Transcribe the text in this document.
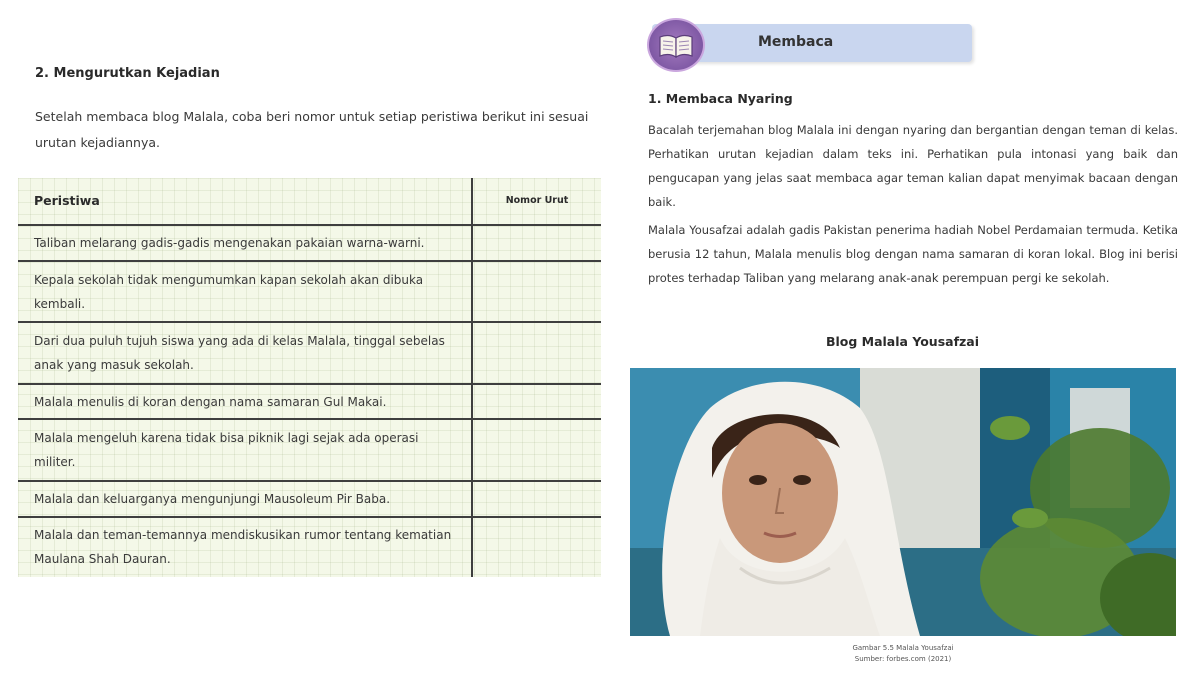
2. Mengurutkan Kejadian
Setelah membaca blog Malala, coba beri nomor untuk setiap peristiwa berikut ini sesuai urutan kejadiannya.
Peristiwa	Nomor Urut
Taliban melarang gadis-gadis mengenakan pakaian warna-warni.	
Kepala sekolah tidak mengumumkan kapan sekolah akan dibuka kembali.	
Dari dua puluh tujuh siswa yang ada di kelas Malala, tinggal sebelas anak yang masuk sekolah.	
Malala menulis di koran dengan nama samaran Gul Makai.	
Malala mengeluh karena tidak bisa piknik lagi sejak ada operasi militer.	
Malala dan keluarganya mengunjungi Mausoleum Pir Baba.	
Malala dan teman-temannya mendiskusikan rumor tentang kematian Maulana Shah Dauran.	
Membaca
1. Membaca Nyaring
Bacalah terjemahan blog Malala ini dengan nyaring dan bergantian dengan teman di kelas. Perhatikan urutan kejadian dalam teks ini. Perhatikan pula intonasi yang baik dan pengucapan yang jelas saat membaca agar teman kalian dapat menyimak bacaan dengan baik.
Malala Yousafzai adalah gadis Pakistan penerima hadiah Nobel Perdamaian termuda. Ketika berusia 12 tahun, Malala menulis blog dengan nama samaran di koran lokal. Blog ini berisi protes terhadap Taliban yang melarang anak-anak perempuan pergi ke sekolah.
Blog Malala Yousafzai
Gambar 5.5 Malala Yousafzai
Sumber: forbes.com (2021)
